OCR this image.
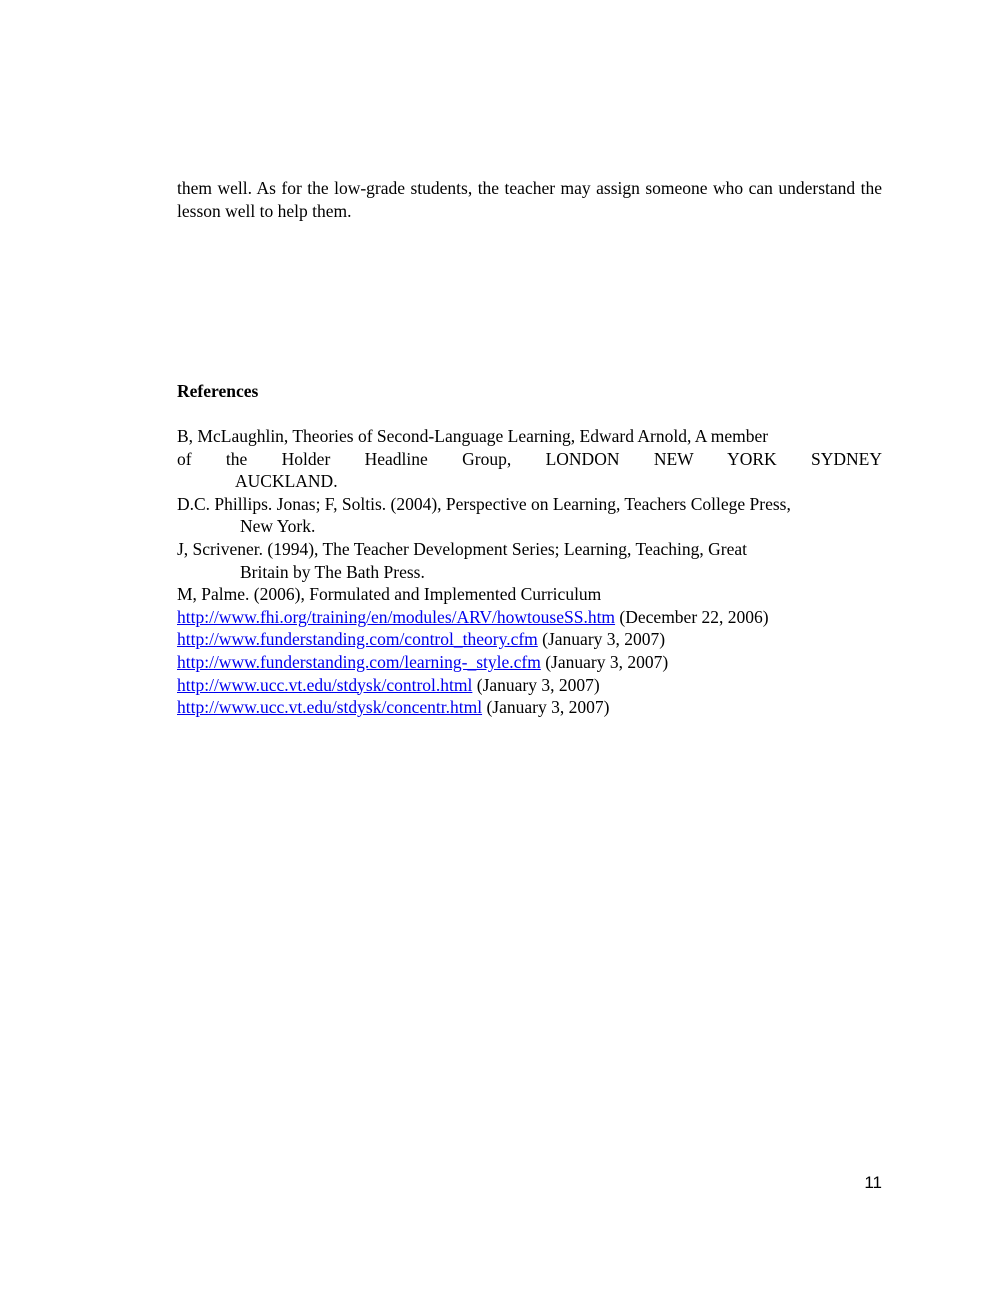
them well. As for the low-grade students, the teacher may assign someone who can understand the lesson well to help them.

References

B, McLaughlin, Theories of Second-Language Learning, Edward Arnold, A member
of the Holder Headline Group, LONDON NEW YORK SYDNEY
AUCKLAND.
D.C. Phillips. Jonas; F, Soltis. (2004), Perspective on Learning, Teachers College Press,
New York.
J, Scrivener. (1994), The Teacher Development Series; Learning, Teaching, Great
Britain by The Bath Press.
M, Palme. (2006), Formulated and Implemented Curriculum

http://www.fhi.org/training/en/modules/ARV/howtouseSS.htm (December 22, 2006)

http://www.funderstanding.com/control_theory.cfm (January 3, 2007)

http://www.funderstanding.com/learning-_style.cfm (January 3, 2007)

http://www.ucc.vt.edu/stdysk/control.html (January 3, 2007)

http://www.ucc.vt.edu/stdysk/concentr.html (January 3, 2007)

11
